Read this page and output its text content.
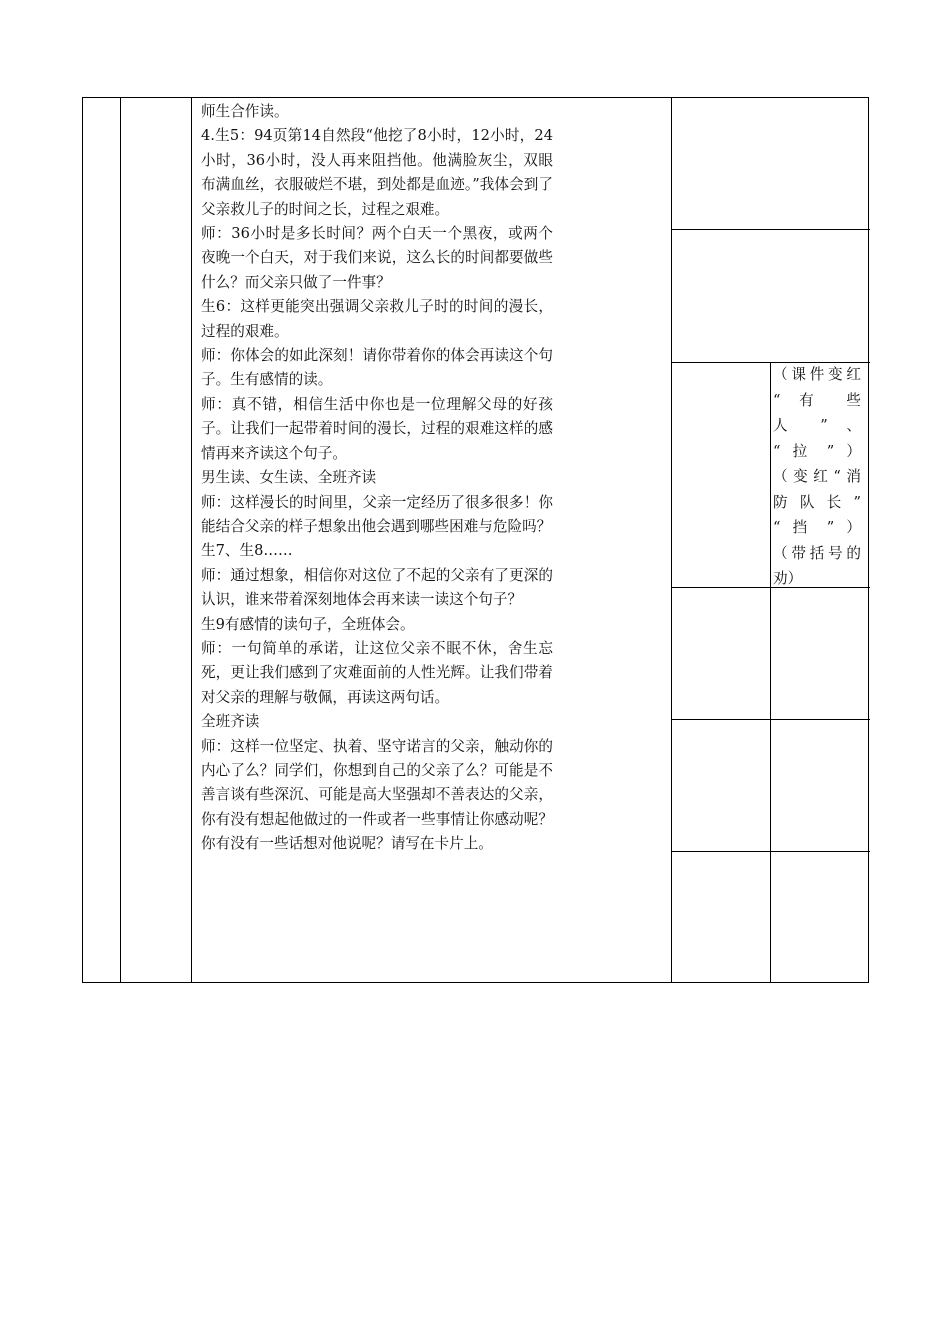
师生合作读。

4.生5：94页第14自然段“他挖了8小时，12小时，24小时，36小时，没人再来阻挡他。他满脸灰尘，双眼布满血丝，衣服破烂不堪，到处都是血迹。”我体会到了父亲救儿子的时间之长，过程之艰难。

师：36小时是多长时间？两个白天一个黑夜，或两个夜晚一个白天，对于我们来说，这么长的时间都要做些什么？而父亲只做了一件事？

生6：这样更能突出强调父亲救儿子时的时间的漫长，过程的艰难。

师：你体会的如此深刻！请你带着你的体会再读这个句子。生有感情的读。

师：真不错，相信生活中你也是一位理解父母的好孩子。让我们一起带着时间的漫长，过程的艰难这样的感情再来齐读这个句子。

男生读、女生读、全班齐读

师：这样漫长的时间里，父亲一定经历了很多很多！你能结合父亲的样子想象出他会遇到哪些困难与危险吗？

生7、生8……

师：通过想象，相信你对这位了不起的父亲有了更深的认识，谁来带着深刻地体会再来读一读这个句子？

生9有感情的读句子，全班体会。

师：一句简单的承诺，让这位父亲不眠不休，舍生忘死，更让我们感到了灾难面前的人性光辉。让我们带着对父亲的理解与敬佩，再读这两句话。

全班齐读

师：这样一位坚定、执着、坚守诺言的父亲，触动你的内心了么？同学们，你想到自己的父亲了么？可能是不善言谈有些深沉、可能是高大坚强却不善表达的父亲，你有没有想起他做过的一件或者一些事情让你感动呢？你有没有一些话想对他说呢？请写在卡片上。

（课件变红

“ 有 些

人 ” 、

“ 拉 ” ）

（变红“消

防 队 长 ”

“ 挡 ” ）

（带括号的

劝）
